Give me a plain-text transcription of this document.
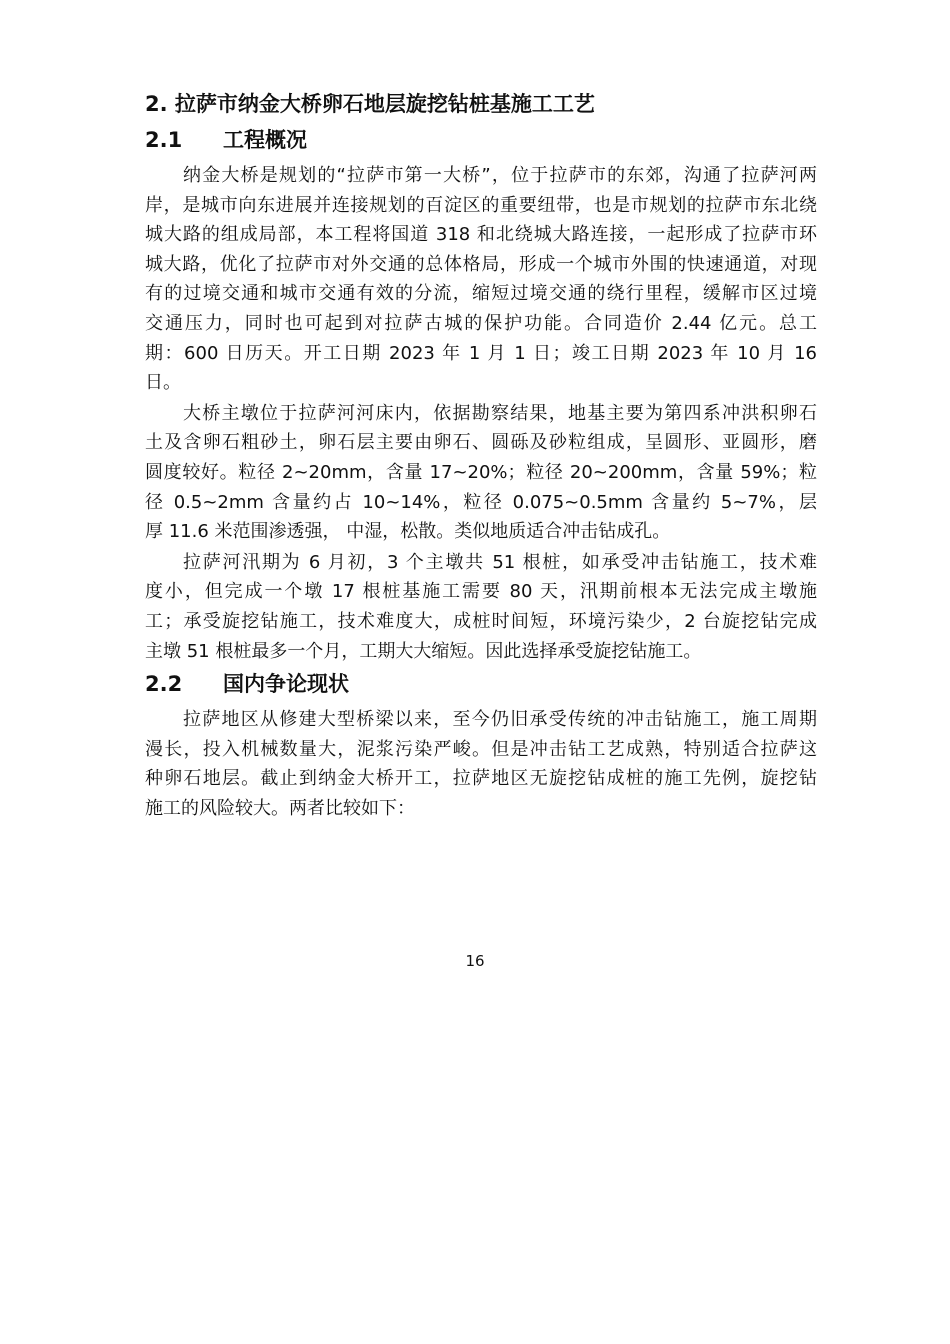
2. 拉萨市纳金大桥卵石地层旋挖钻桩基施工工艺
2.1	工程概况
纳金大桥是规划的“拉萨市第一大桥”，位于拉萨市的东郊，沟通了拉萨河两
岸，是城市向东进展并连接规划的百淀区的重要纽带，也是市规划的拉萨市东北绕
城大路的组成局部，本工程将国道 318 和北绕城大路连接，一起形成了拉萨市环
城大路，优化了拉萨市对外交通的总体格局，形成一个城市外围的快速通道，对现
有的过境交通和城市交通有效的分流，缩短过境交通的绕行里程，缓解市区过境
交通压力，同时也可起到对拉萨古城的保护功能。合同造价 2.44 亿元。总工
期：600 日历天。开工日期 2023 年 1 月 1 日；竣工日期 2023 年 10 月 16
日。
大桥主墩位于拉萨河河床内，依据勘察结果，地基主要为第四系冲洪积卵石
土及含卵石粗砂土，卵石层主要由卵石、圆砾及砂粒组成，呈圆形、亚圆形，磨
圆度较好。粒径 2~20mm，含量 17~20%；粒径 20~200mm，含量 59%；粒
径 0.5~2mm 含量约占 10~14%，粒径 0.075~0.5mm 含量约 5~7%，层
厚 11.6 米范围渗透强， 中湿，松散。类似地质适合冲击钻成孔。
拉萨河汛期为 6 月初，3 个主墩共 51 根桩，如承受冲击钻施工，技术难
度小，但完成一个墩 17 根桩基施工需要 80 天，汛期前根本无法完成主墩施
工；承受旋挖钻施工，技术难度大，成桩时间短，环境污染少，2 台旋挖钻完成
主墩 51 根桩最多一个月，工期大大缩短。因此选择承受旋挖钻施工。
2.2	国内争论现状
拉萨地区从修建大型桥梁以来，至今仍旧承受传统的冲击钻施工，施工周期
漫长，投入机械数量大，泥浆污染严峻。但是冲击钻工艺成熟，特别适合拉萨这
种卵石地层。截止到纳金大桥开工，拉萨地区无旋挖钻成桩的施工先例，旋挖钻
施工的风险较大。两者比较如下：
16
